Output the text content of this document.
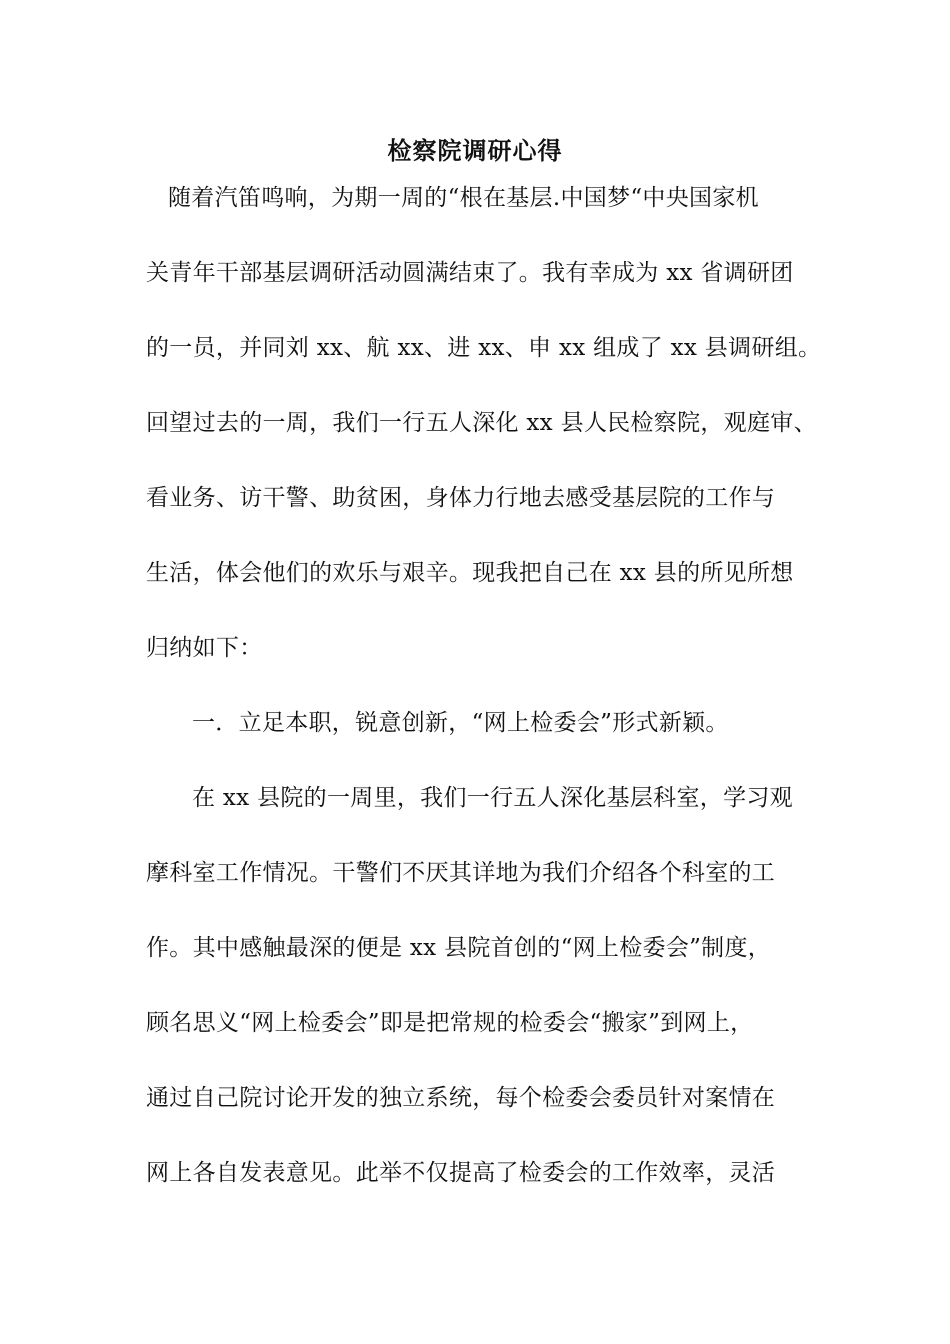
检察院调研心得
随着汽笛鸣响，为期一周的“根在基层.中国梦“中央国家机
关青年干部基层调研活动圆满结束了。我有幸成为 xx 省调研团
的一员，并同刘 xx、航 xx、进 xx、申 xx 组成了 xx 县调研组。
回望过去的一周，我们一行五人深化 xx 县人民检察院，观庭审、
看业务、访干警、助贫困，身体力行地去感受基层院的工作与
生活，体会他们的欢乐与艰辛。现我把自己在 xx 县的所见所想
归纳如下：
一．立足本职，锐意创新，“网上检委会”形式新颖。
在 xx 县院的一周里，我们一行五人深化基层科室，学习观
摩科室工作情况。干警们不厌其详地为我们介绍各个科室的工
作。其中感触最深的便是 xx 县院首创的“网上检委会”制度，
顾名思义“网上检委会”即是把常规的检委会“搬家”到网上，
通过自己院讨论开发的独立系统，每个检委会委员针对案情在
网上各自发表意见。此举不仅提高了检委会的工作效率，灵活
